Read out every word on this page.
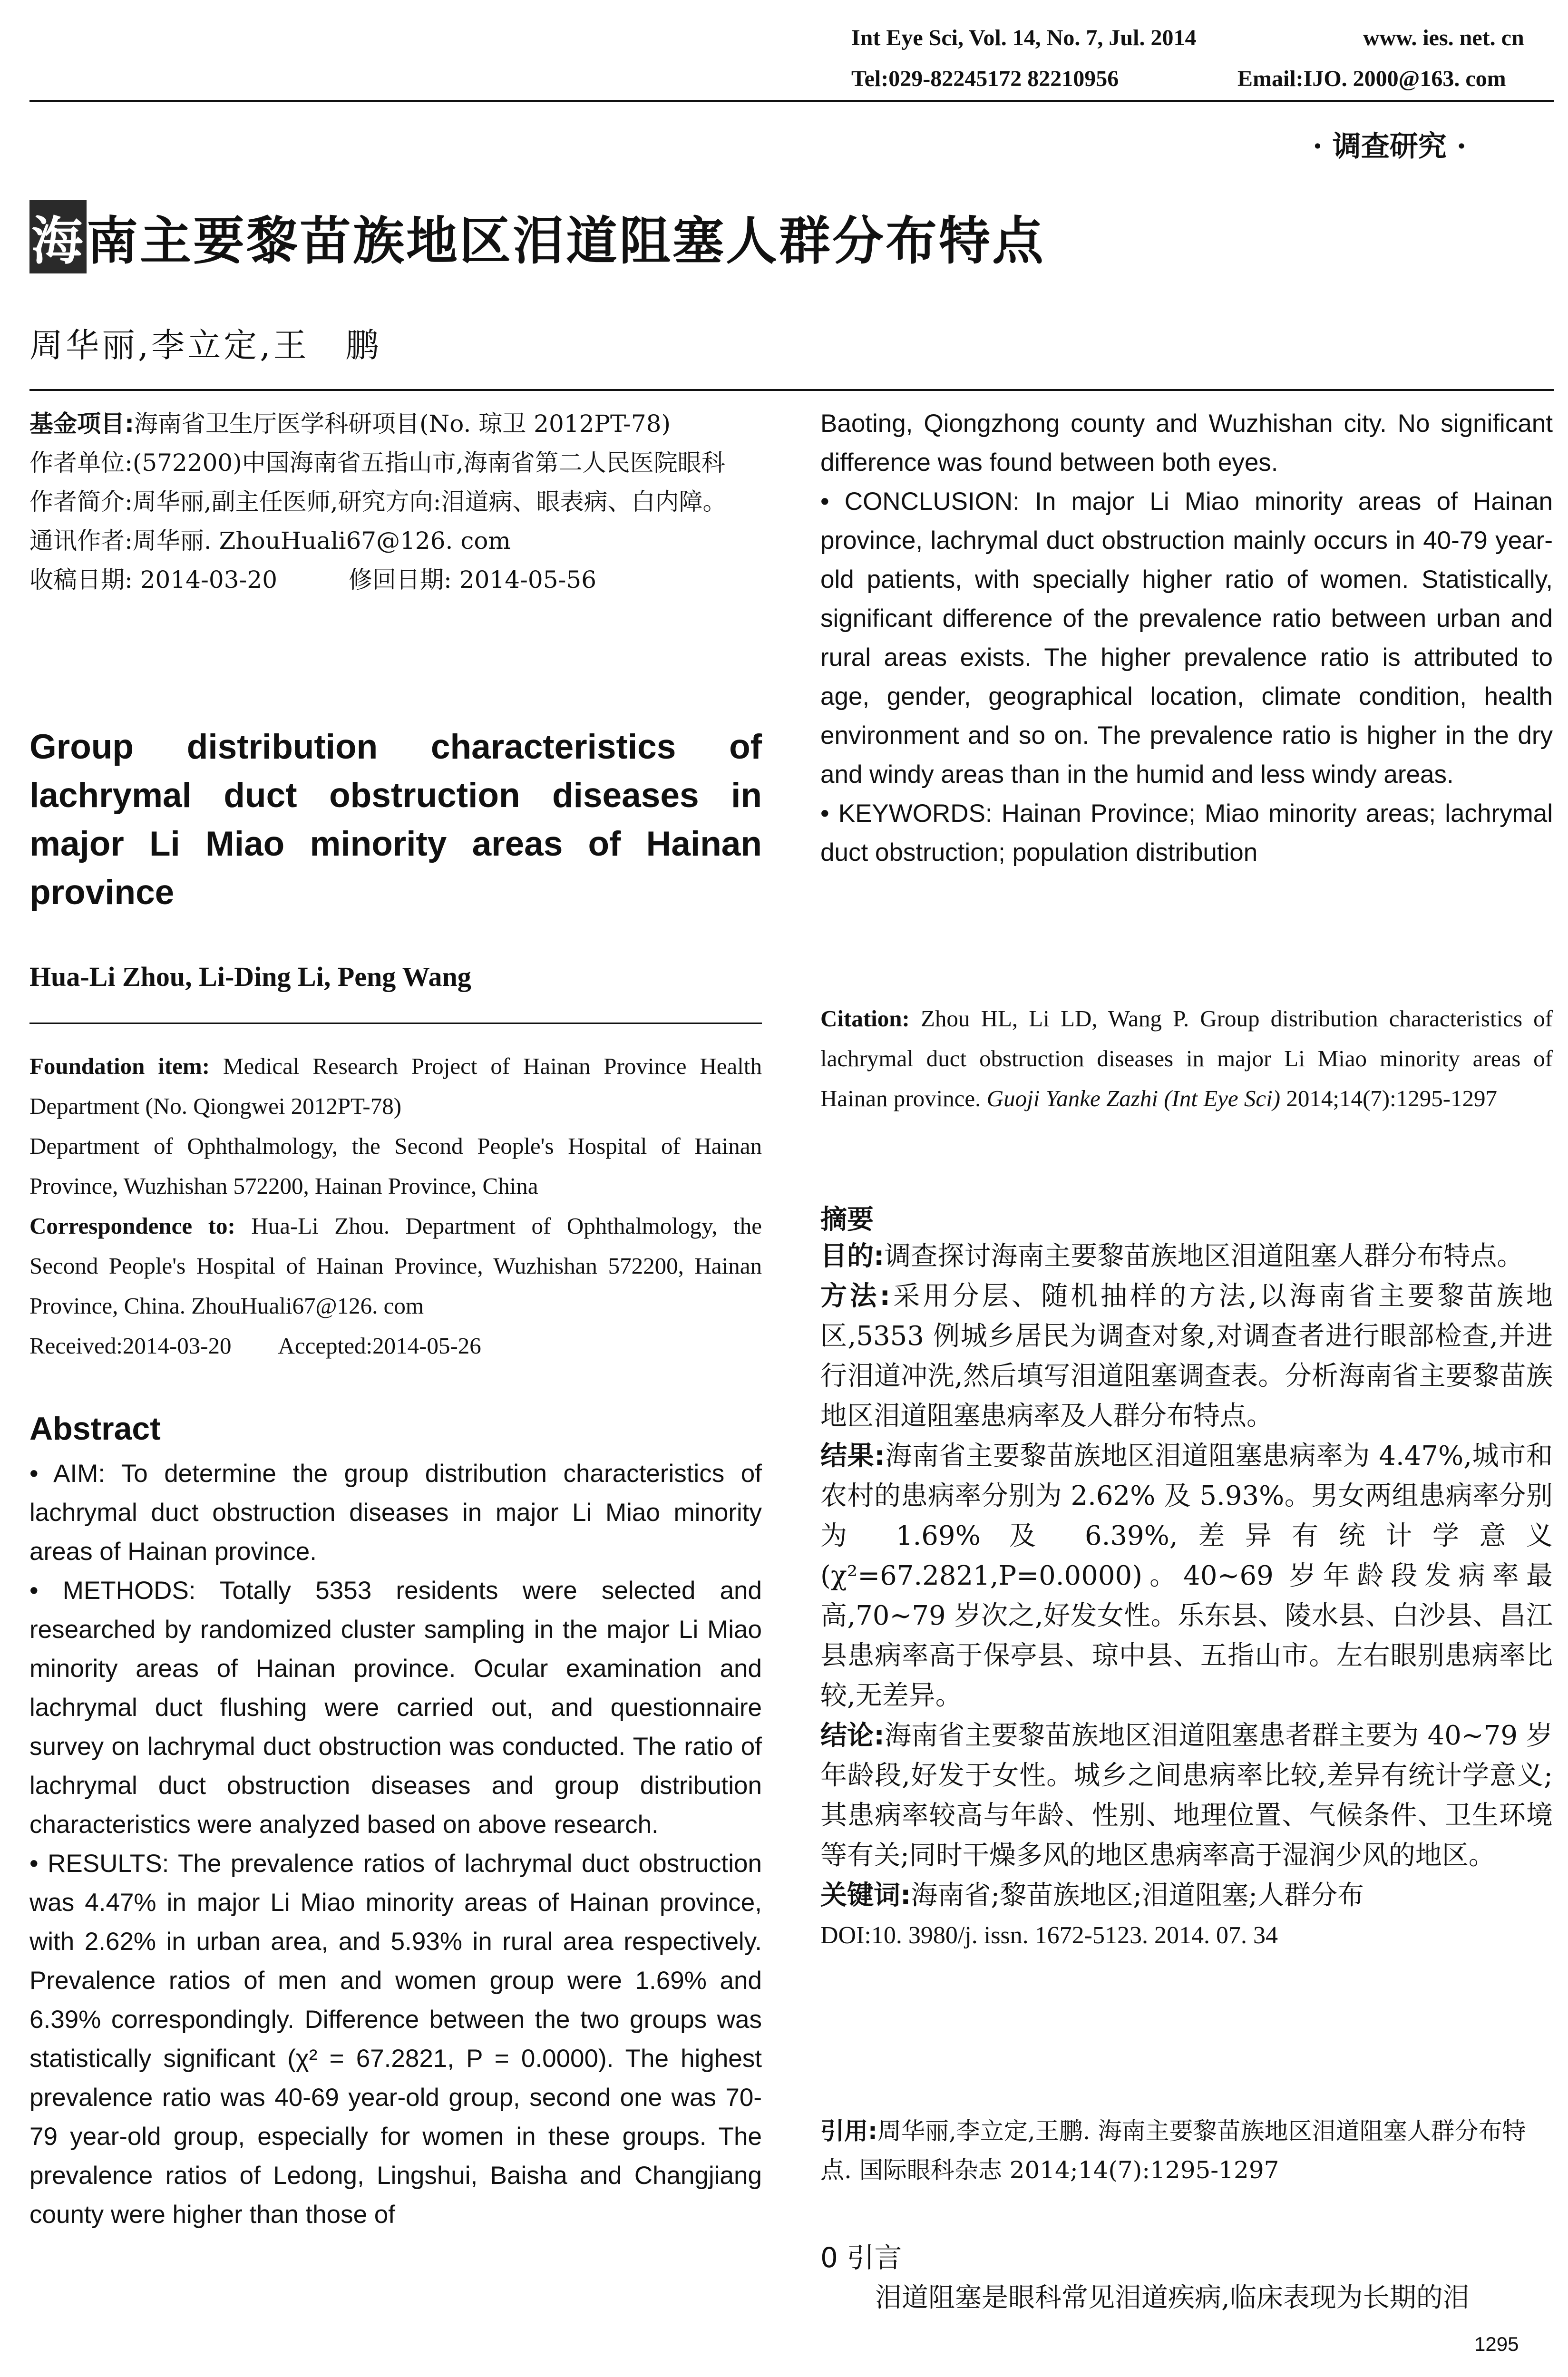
Int Eye Sci, Vol. 14, No. 7, Jul. 2014	www. ies. net. cn
Tel:029-82245172 82210956	Email:IJO. 2000@163. com
· 调查研究 ·
海南主要黎苗族地区泪道阻塞人群分布特点
周华丽,李立定,王　鹏

基金项目:海南省卫生厅医学科研项目(No. 琼卫 2012PT-78)

作者单位:(572200)中国海南省五指山市,海南省第二人民医院眼科

作者简介:周华丽,副主任医师,研究方向:泪道病、眼表病、白内障。

通讯作者:周华丽. ZhouHuali67@126. com

收稿日期: 2014-03-20　　　修回日期: 2014-05-56

Group distribution characteristics of lachrymal duct obstruction diseases in major Li Miao minority areas of Hainan province
Hua-Li Zhou, Li-Ding Li, Peng Wang

Foundation item: Medical Research Project of Hainan Province Health Department (No. Qiongwei 2012PT-78)

Department of Ophthalmology, the Second People's Hospital of Hainan Province, Wuzhishan 572200, Hainan Province, China

Correspondence to: Hua-Li Zhou. Department of Ophthalmology, the Second People's Hospital of Hainan Province, Wuzhishan 572200, Hainan Province, China. ZhouHuali67@126. com

Received:2014-03-20　　Accepted:2014-05-26

Abstract

• AIM: To determine the group distribution characteristics of lachrymal duct obstruction diseases in major Li Miao minority areas of Hainan province.

• METHODS: Totally 5353 residents were selected and researched by randomized cluster sampling in the major Li Miao minority areas of Hainan province. Ocular examination and lachrymal duct flushing were carried out, and questionnaire survey on lachrymal duct obstruction was conducted. The ratio of lachrymal duct obstruction diseases and group distribution characteristics were analyzed based on above research.

• RESULTS: The prevalence ratios of lachrymal duct obstruction was 4.47% in major Li Miao minority areas of Hainan province, with 2.62% in urban area, and 5.93% in rural area respectively. Prevalence ratios of men and women group were 1.69% and 6.39% correspondingly. Difference between the two groups was statistically significant (χ² = 67.2821, P = 0.0000). The highest prevalence ratio was 40-69 year-old group, second one was 70-79 year-old group, especially for women in these groups. The prevalence ratios of Ledong, Lingshui, Baisha and Changjiang county were higher than those of

Baoting, Qiongzhong county and Wuzhishan city. No significant difference was found between both eyes.

• CONCLUSION: In major Li Miao minority areas of Hainan province, lachrymal duct obstruction mainly occurs in 40-79 year-old patients, with specially higher ratio of women. Statistically, significant difference of the prevalence ratio between urban and rural areas exists. The higher prevalence ratio is attributed to age, gender, geographical location, climate condition, health environment and so on. The prevalence ratio is higher in the dry and windy areas than in the humid and less windy areas.

• KEYWORDS: Hainan Province; Miao minority areas; lachrymal duct obstruction; population distribution

Citation: Zhou HL, Li LD, Wang P. Group distribution characteristics of lachrymal duct obstruction diseases in major Li Miao minority areas of Hainan province. Guoji Yanke Zazhi (Int Eye Sci) 2014;14(7):1295-1297

摘要

目的:调查探讨海南主要黎苗族地区泪道阻塞人群分布特点。

方法:采用分层、随机抽样的方法,以海南省主要黎苗族地区,5353 例城乡居民为调查对象,对调查者进行眼部检查,并进行泪道冲洗,然后填写泪道阻塞调查表。分析海南省主要黎苗族地区泪道阻塞患病率及人群分布特点。

结果:海南省主要黎苗族地区泪道阻塞患病率为 4.47%,城市和农村的患病率分别为 2.62% 及 5.93%。男女两组患病率分别为 1.69% 及 6.39%,差异有统计学意义(χ²=67.2821,P=0.0000)。40~69 岁年龄段发病率最高,70~79 岁次之,好发女性。乐东县、陵水县、白沙县、昌江县患病率高于保亭县、琼中县、五指山市。左右眼别患病率比较,无差异。

结论:海南省主要黎苗族地区泪道阻塞患者群主要为 40~79 岁年龄段,好发于女性。城乡之间患病率比较,差异有统计学意义;其患病率较高与年龄、性别、地理位置、气候条件、卫生环境等有关;同时干燥多风的地区患病率高于湿润少风的地区。

关键词:海南省;黎苗族地区;泪道阻塞;人群分布

DOI:10. 3980/j. issn. 1672-5123. 2014. 07. 34

引用:周华丽,李立定,王鹏. 海南主要黎苗族地区泪道阻塞人群分布特点. 国际眼科杂志 2014;14(7):1295-1297

0 引言
泪道阻塞是眼科常见泪道疾病,临床表现为长期的泪
1295
